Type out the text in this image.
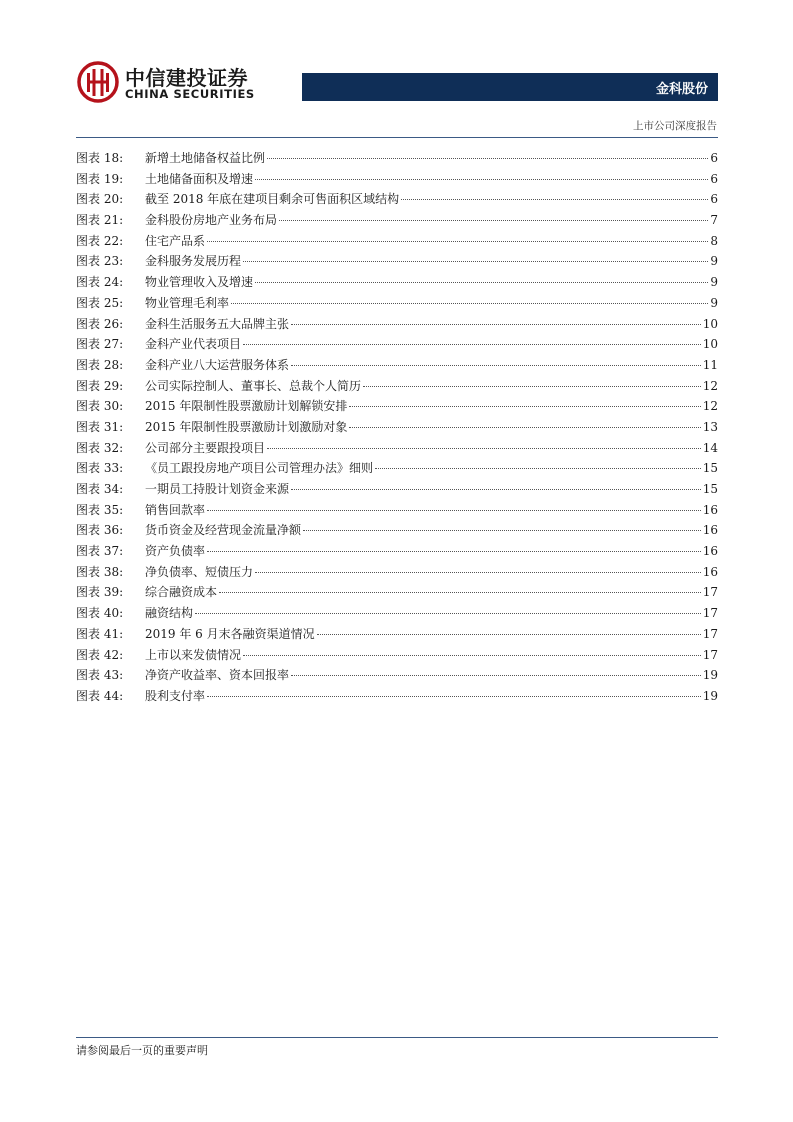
中信建投证券
CHINA SECURITIES	金科股份
上市公司深度报告
图表 18:	新增土地储备权益比例	6
图表 19:	土地储备面积及增速	6
图表 20:	截至 2018 年底在建项目剩余可售面积区域结构	6
图表 21:	金科股份房地产业务布局	7
图表 22:	住宅产品系	8
图表 23:	金科服务发展历程	9
图表 24:	物业管理收入及增速	9
图表 25:	物业管理毛利率	9
图表 26:	金科生活服务五大品牌主张	10
图表 27:	金科产业代表项目	10
图表 28:	金科产业八大运营服务体系	11
图表 29:	公司实际控制人、董事长、总裁个人简历	12
图表 30:	2015 年限制性股票激励计划解锁安排	12
图表 31:	2015 年限制性股票激励计划激励对象	13
图表 32:	公司部分主要跟投项目	14
图表 33:	《员工跟投房地产项目公司管理办法》细则	15
图表 34:	一期员工持股计划资金来源	15
图表 35:	销售回款率	16
图表 36:	货币资金及经营现金流量净额	16
图表 37:	资产负债率	16
图表 38:	净负债率、短债压力	16
图表 39:	综合融资成本	17
图表 40:	融资结构	17
图表 41:	2019 年 6 月末各融资渠道情况	17
图表 42:	上市以来发债情况	17
图表 43:	净资产收益率、资本回报率	19
图表 44:	股利支付率	19
请参阅最后一页的重要声明
